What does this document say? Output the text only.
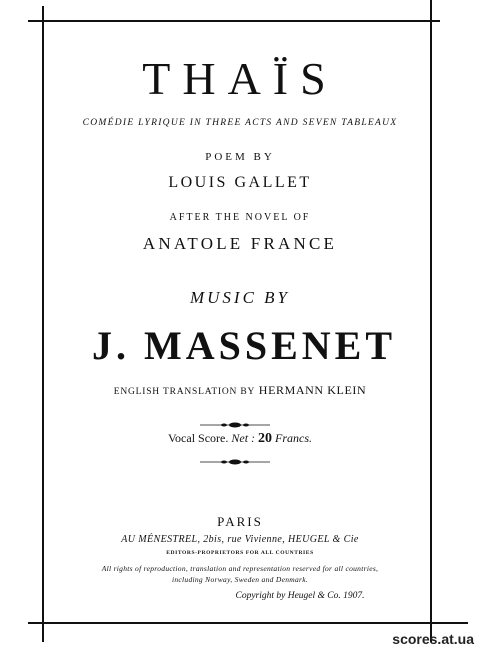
THAÏS
COMÉDIE LYRIQUE IN THREE ACTS AND SEVEN TABLEAUX
POEM BY
LOUIS GALLET
AFTER THE NOVEL OF
ANATOLE FRANCE
MUSIC BY
J. MASSENET
ENGLISH TRANSLATION BY HERMANN KLEIN
Vocal Score. Net : 20 Francs.
PARIS
AU MÉNESTREL, 2bis, rue Vivienne, HEUGEL & Cie
EDITORS-PROPRIETORS FOR ALL COUNTRIES
All rights of reproduction, translation and representation reserved for all countries,
including Norway, Sweden and Denmark.
Copyright by Heugel & Co. 1907.
scores.at.ua
